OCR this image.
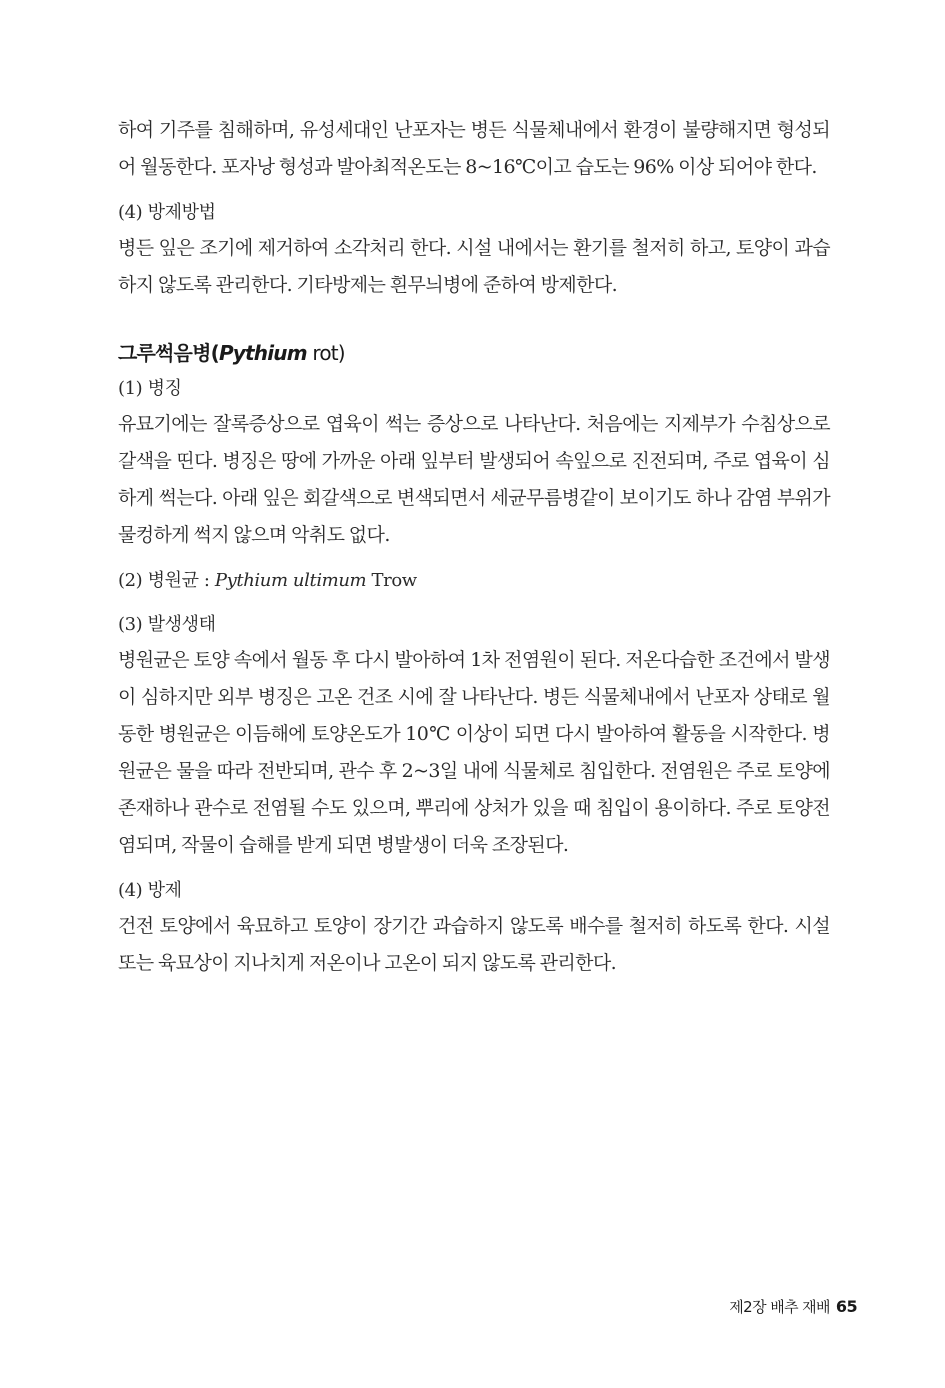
하여 기주를 침해하며, 유성세대인 난포자는 병든 식물체내에서 환경이 불량해지면 형성되어 월동한다. 포자낭 형성과 발아최적온도는 8~16℃이고 습도는 96% 이상 되어야 한다.

(4) 방제방법

병든 잎은 조기에 제거하여 소각처리 한다. 시설 내에서는 환기를 철저히 하고, 토양이 과습하지 않도록 관리한다. 기타방제는 흰무늬병에 준하여 방제한다.

그루썩음병(Pythium rot)

(1) 병징

유묘기에는 잘록증상으로 엽육이 썩는 증상으로 나타난다. 처음에는 지제부가 수침상으로 갈색을 띤다. 병징은 땅에 가까운 아래 잎부터 발생되어 속잎으로 진전되며, 주로 엽육이 심하게 썩는다. 아래 잎은 회갈색으로 변색되면서 세균무름병같이 보이기도 하나 감염 부위가 물컹하게 썩지 않으며 악취도 없다.

(2) 병원균 : Pythium ultimum Trow

(3) 발생생태

병원균은 토양 속에서 월동 후 다시 발아하여 1차 전염원이 된다. 저온다습한 조건에서 발생이 심하지만 외부 병징은 고온 건조 시에 잘 나타난다. 병든 식물체내에서 난포자 상태로 월동한 병원균은 이듬해에 토양온도가 10℃ 이상이 되면 다시 발아하여 활동을 시작한다. 병원균은 물을 따라 전반되며, 관수 후 2~3일 내에 식물체로 침입한다. 전염원은 주로 토양에 존재하나 관수로 전염될 수도 있으며, 뿌리에 상처가 있을 때 침입이 용이하다. 주로 토양전염되며, 작물이 습해를 받게 되면 병발생이 더욱 조장된다.

(4) 방제

건전 토양에서 육묘하고 토양이 장기간 과습하지 않도록 배수를 철저히 하도록 한다. 시설 또는 육묘상이 지나치게 저온이나 고온이 되지 않도록 관리한다.

제2장 배추 재배 65
